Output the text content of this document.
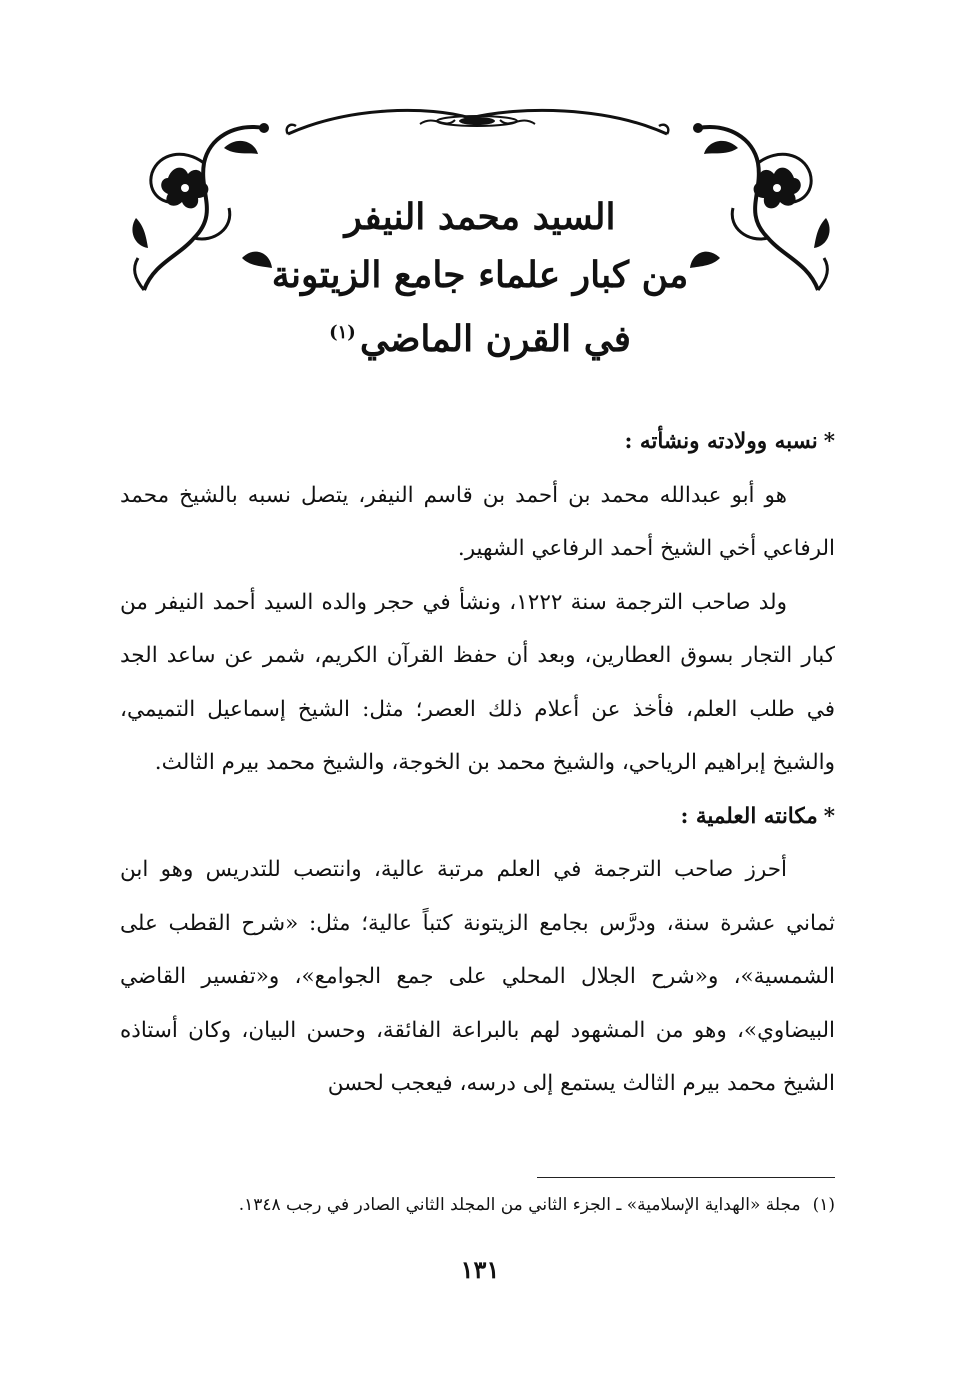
السيد محمد النيفر
من كبار علماء جامع الزيتونة
في القرن الماضي$^{(١)}$

*نسبه وولادته ونشأته :

هو أبو عبدالله محمد بن أحمد بن قاسم النيفر، يتصل نسبه بالشيخ محمد الرفاعي أخي الشيخ أحمد الرفاعي الشهير.

ولد صاحب الترجمة سنة ١٢٢٢، ونشأ في حجر والده السيد أحمد النيفر من كبار التجار بسوق العطارين، وبعد أن حفظ القرآن الكريم، شمر عن ساعد الجد في طلب العلم، فأخذ عن أعلام ذلك العصر؛ مثل: الشيخ إسماعيل التميمي، والشيخ إبراهيم الرياحي، والشيخ محمد بن الخوجة، والشيخ محمد بيرم الثالث.

*مكانته العلمية :

أحرز صاحب الترجمة في العلم مرتبة عالية، وانتصب للتدريس وهو ابن ثماني عشرة سنة، ودرَّس بجامع الزيتونة كتباً عالية؛ مثل: «شرح القطب على الشمسية»، و«شرح الجلال المحلي على جمع الجوامع»، و«تفسير القاضي البيضاوي»، وهو من المشهود لهم بالبراعة الفائقة، وحسن البيان، وكان أستاذه الشيخ محمد بيرم الثالث يستمع إلى درسه، فيعجب لحسن

(١)مجلة «الهداية الإسلامية» ـ الجزء الثاني من المجلد الثاني الصادر في رجب ١٣٤٨.
١٣١
